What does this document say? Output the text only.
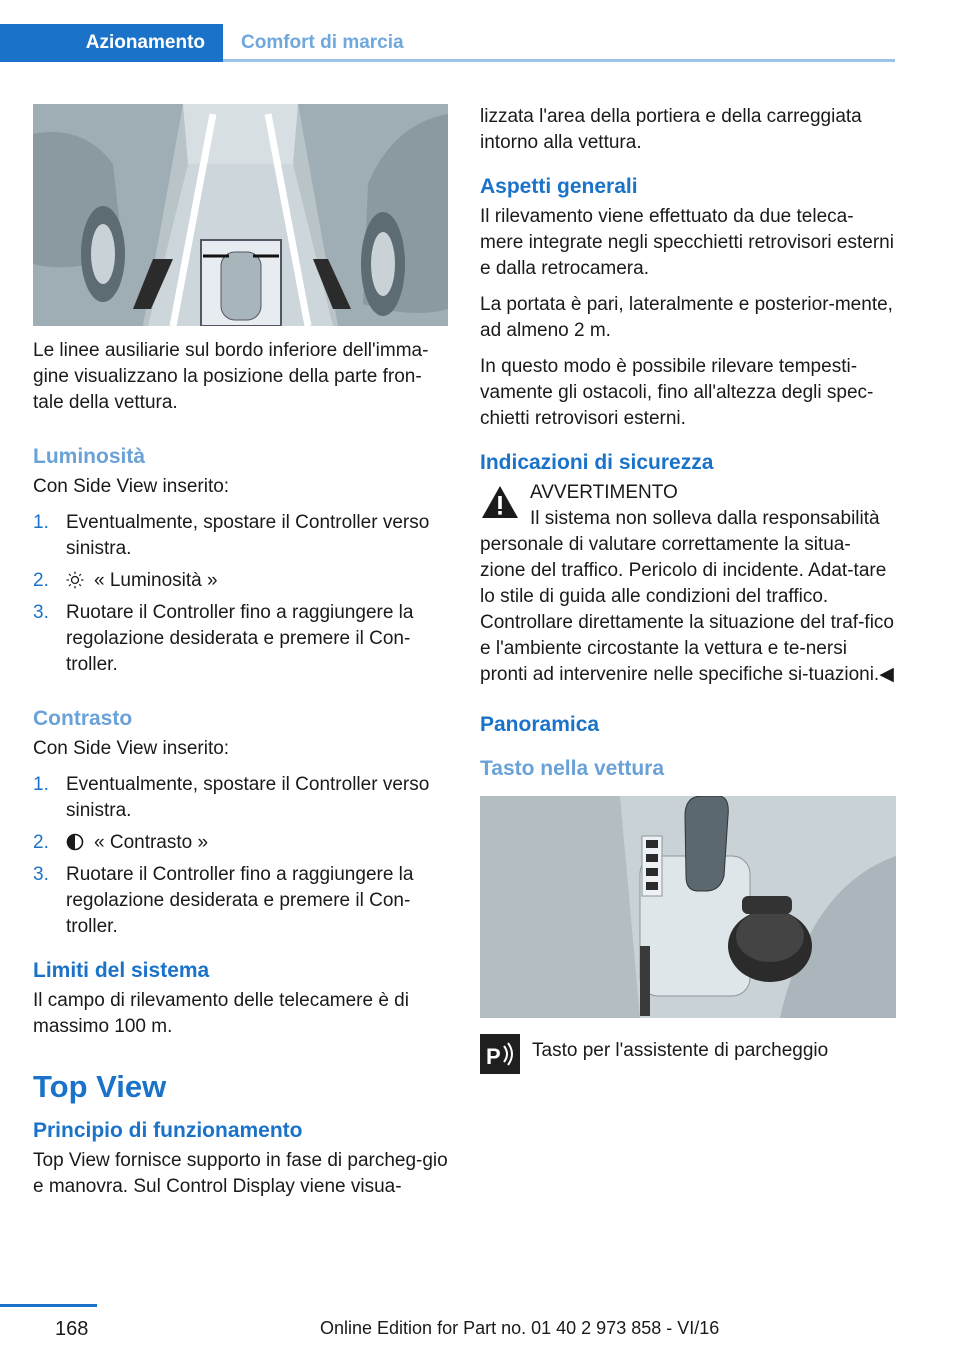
Azionamento	Comfort di marcia

Le linee ausiliarie sul bordo inferiore dell'imma‐gine visualizzano la posizione della parte fron‐tale della vettura.

Luminosità

Con Side View inserito:

1. Eventualmente, spostare il Controller verso sinistra.
2. « Luminosità »
3. Ruotare il Controller fino a raggiungere la regolazione desiderata e premere il Con‐troller.
Contrasto

Con Side View inserito:

1. Eventualmente, spostare il Controller verso sinistra.
2. « Contrasto »
3. Ruotare il Controller fino a raggiungere la regolazione desiderata e premere il Con‐troller.
Limiti del sistema

Il campo di rilevamento delle telecamere è di massimo 100 m.

Top View
Principio di funzionamento

Top View fornisce supporto in fase di parcheg‐gio e manovra. Sul Control Display viene visua‐

lizzata l'area della portiera e della carreggiata intorno alla vettura.

Aspetti generali

Il rilevamento viene effettuato da due teleca‐mere integrate negli specchietti retrovisori esterni e dalla retrocamera.

La portata è pari, lateralmente e posterior‐mente, ad almeno 2 m.

In questo modo è possibile rilevare tempesti‐vamente gli ostacoli, fino all'altezza degli spec‐chietti retrovisori esterni.

Indicazioni di sicurezza
AVVERTIMENTO
Il sistema non solleva dalla responsabilità

personale di valutare correttamente la situa‐zione del traffico. Pericolo di incidente. Adat‐tare lo stile di guida alle condizioni del traffico. Controllare direttamente la situazione del traf‐fico e l'ambiente circostante la vettura e te‐nersi pronti ad intervenire nelle specifiche si‐tuazioni.◀

Panoramica
Tasto nella vettura
P	Tasto per l'assistente di parcheggio
168	Online Edition for Part no. 01 40 2 973 858 - VI/16
